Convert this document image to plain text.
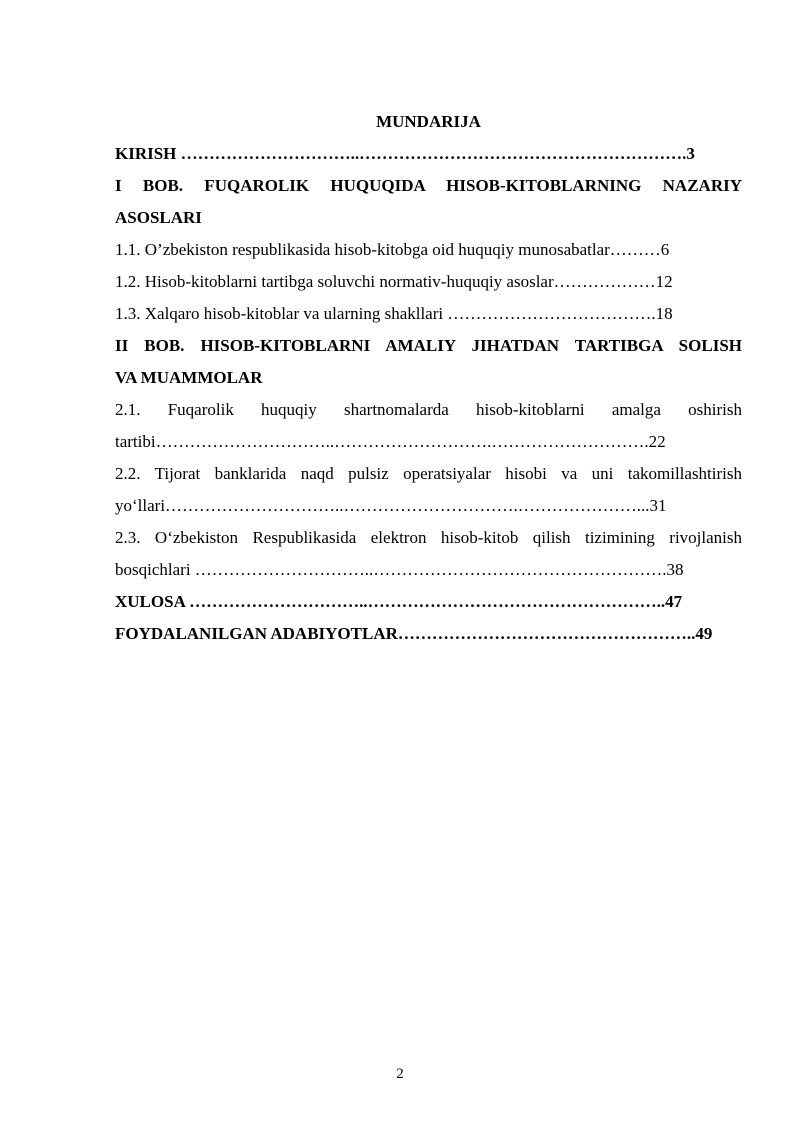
MUNDARIJA

KIRISH …………………………..………………………………………………….3

I BOB. FUQAROLIK HUQUQIDA HISOB-KITOBLARNING NAZARIY

ASOSLARI

1.1. O’zbekiston respublikasida hisob-kitobga oid huquqiy munosabatlar………6

1.2. Hisob-kitoblarni tartibga soluvchi normativ-huquqiy asoslar………………12

1.3. Xalqaro hisob-kitoblar va ularning shakllari ……………………………….18

II BOB. HISOB-KITOBLARNI AMALIY JIHATDAN TARTIBGA SOLISH

VA MUAMMOLAR

2.1. Fuqarolik huquqiy shartnomalarda hisob-kitoblarni amalga oshirish

tartibi…………………………..……………………….……………………….22

2.2. Tijorat banklarida naqd pulsiz operatsiyalar hisobi va uni takomillashtirish

yo‘llari…………………………..………………………….…………………...31

2.3. O‘zbekiston Respublikasida elektron hisob-kitob qilish tizimining rivojlanish

bosqichlari …………………………..…………………………………………….38

XULOSA …………………………..……………………………………………..47

FOYDALANILGAN ADABIYOTLAR……………………………………………..49

2
